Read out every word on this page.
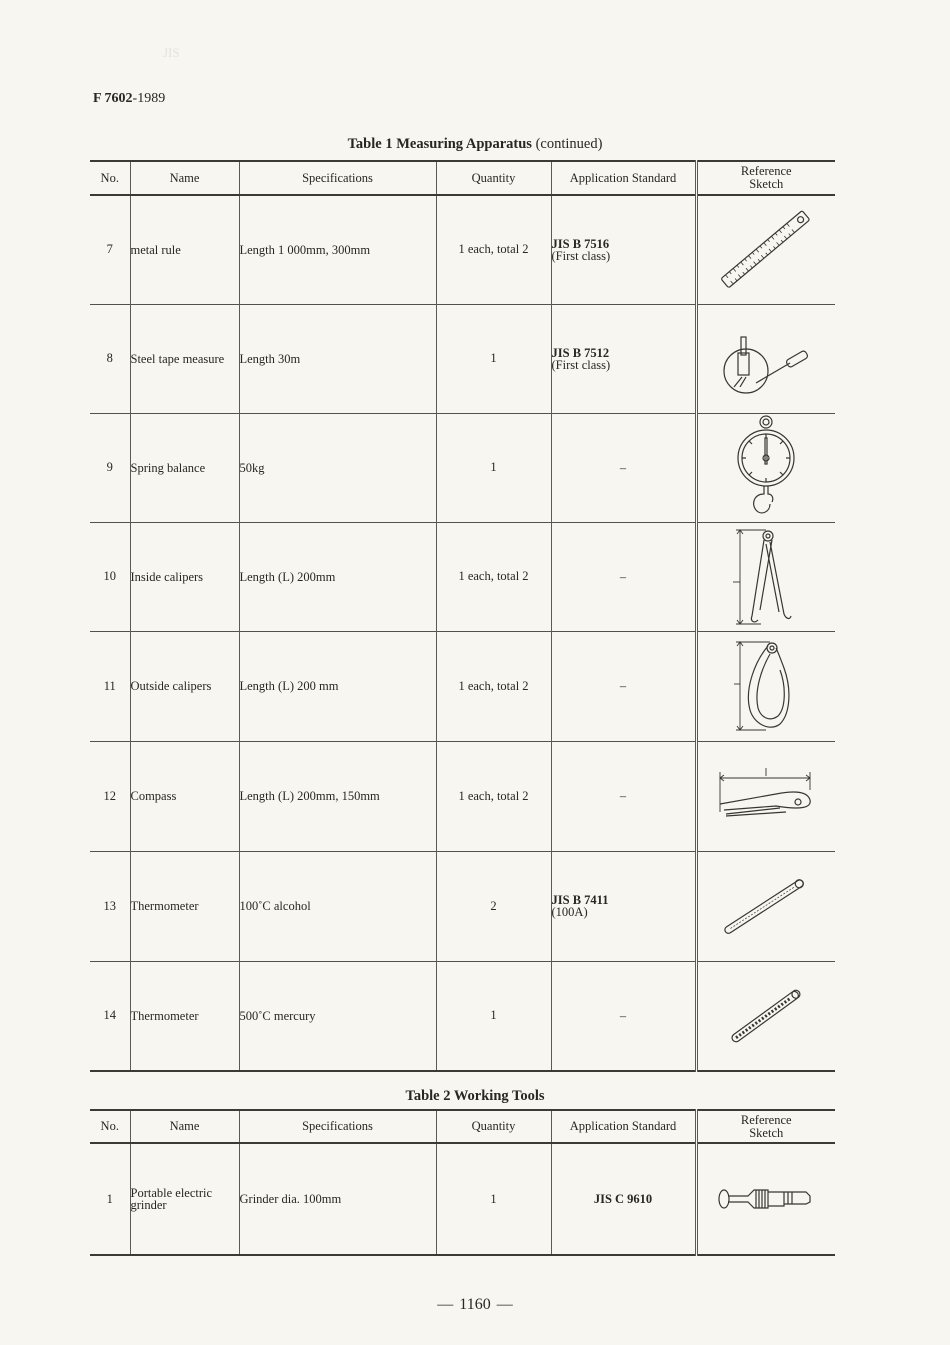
JIS
F 7602-1989
Table 1 Measuring Apparatus (continued)
No.	Name	Specifications	Quantity	Application Standard	Reference
Sketch
7	metal rule	Length 1 000mm, 300mm	1 each, total 2	JIS B 7516
(First class)

8	Steel tape measure	Length 30m	1	JIS B 7512
(First class)

9	Spring balance	50kg	1	–	

10	Inside calipers	Length (L) 200mm	1 each, total 2	–	

11	Outside calipers	Length (L) 200 mm	1 each, total 2	–	

12	Compass	Length (L) 200mm, 150mm	1 each, total 2	–	

13	Thermometer	100˚C alcohol	2	JIS B 7411
(100A)

14	Thermometer	500˚C mercury	1	–	
Table 2 Working Tools
No.	Name	Specifications	Quantity	Application Standard	Reference
Sketch
1	Portable electric grinder	Grinder dia. 100mm	1	JIS C 9610

— 1160 —
